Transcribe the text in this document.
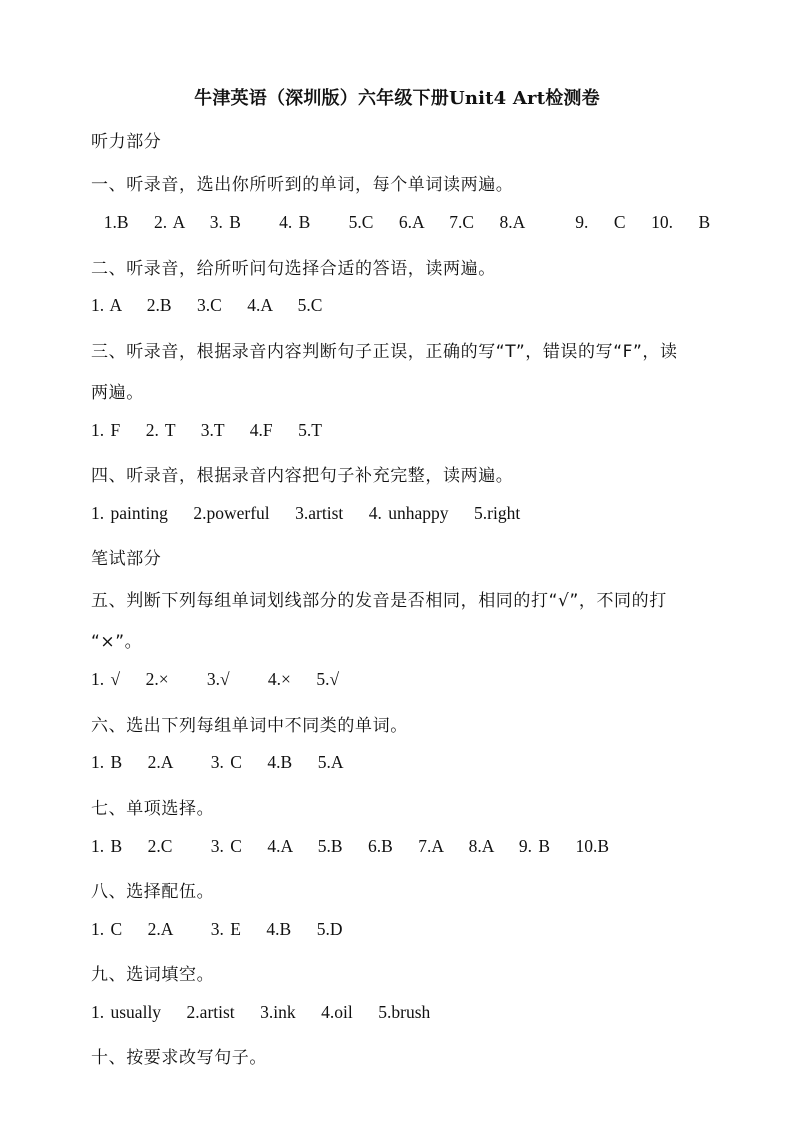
牛津英语（深圳版）六年级下册Unit4 Art检测卷
听力部分
一、听录音，选出你所听到的单词，每个单词读两遍。
1.B    2. A    3. B      4. B      5.C    6.A    7.C    8.A        9.    C    10.    B
二、听录音，给所听问句选择合适的答语，读两遍。
1. A    2.B    3.C    4.A    5.C
三、听录音，根据录音内容判断句子正误，正确的写“T”，错误的写“F”，读
两遍。
1. F    2. T    3.T    4.F    5.T
四、听录音，根据录音内容把句子补充完整，读两遍。
1. painting    2.powerful    3.artist    4. unhappy    5.right
笔试部分
五、判断下列每组单词划线部分的发音是否相同，相同的打“√”，不同的打
“×”。
1. √    2.×      3.√      4.×    5.√
六、选出下列每组单词中不同类的单词。
1. B    2.A      3. C    4.B    5.A
七、单项选择。
1. B    2.C      3. C    4.A    5.B    6.B    7.A    8.A    9. B    10.B
八、选择配伍。
1. C    2.A      3. E    4.B    5.D
九、选词填空。
1. usually    2.artist    3.ink    4.oil    5.brush
十、按要求改写句子。
